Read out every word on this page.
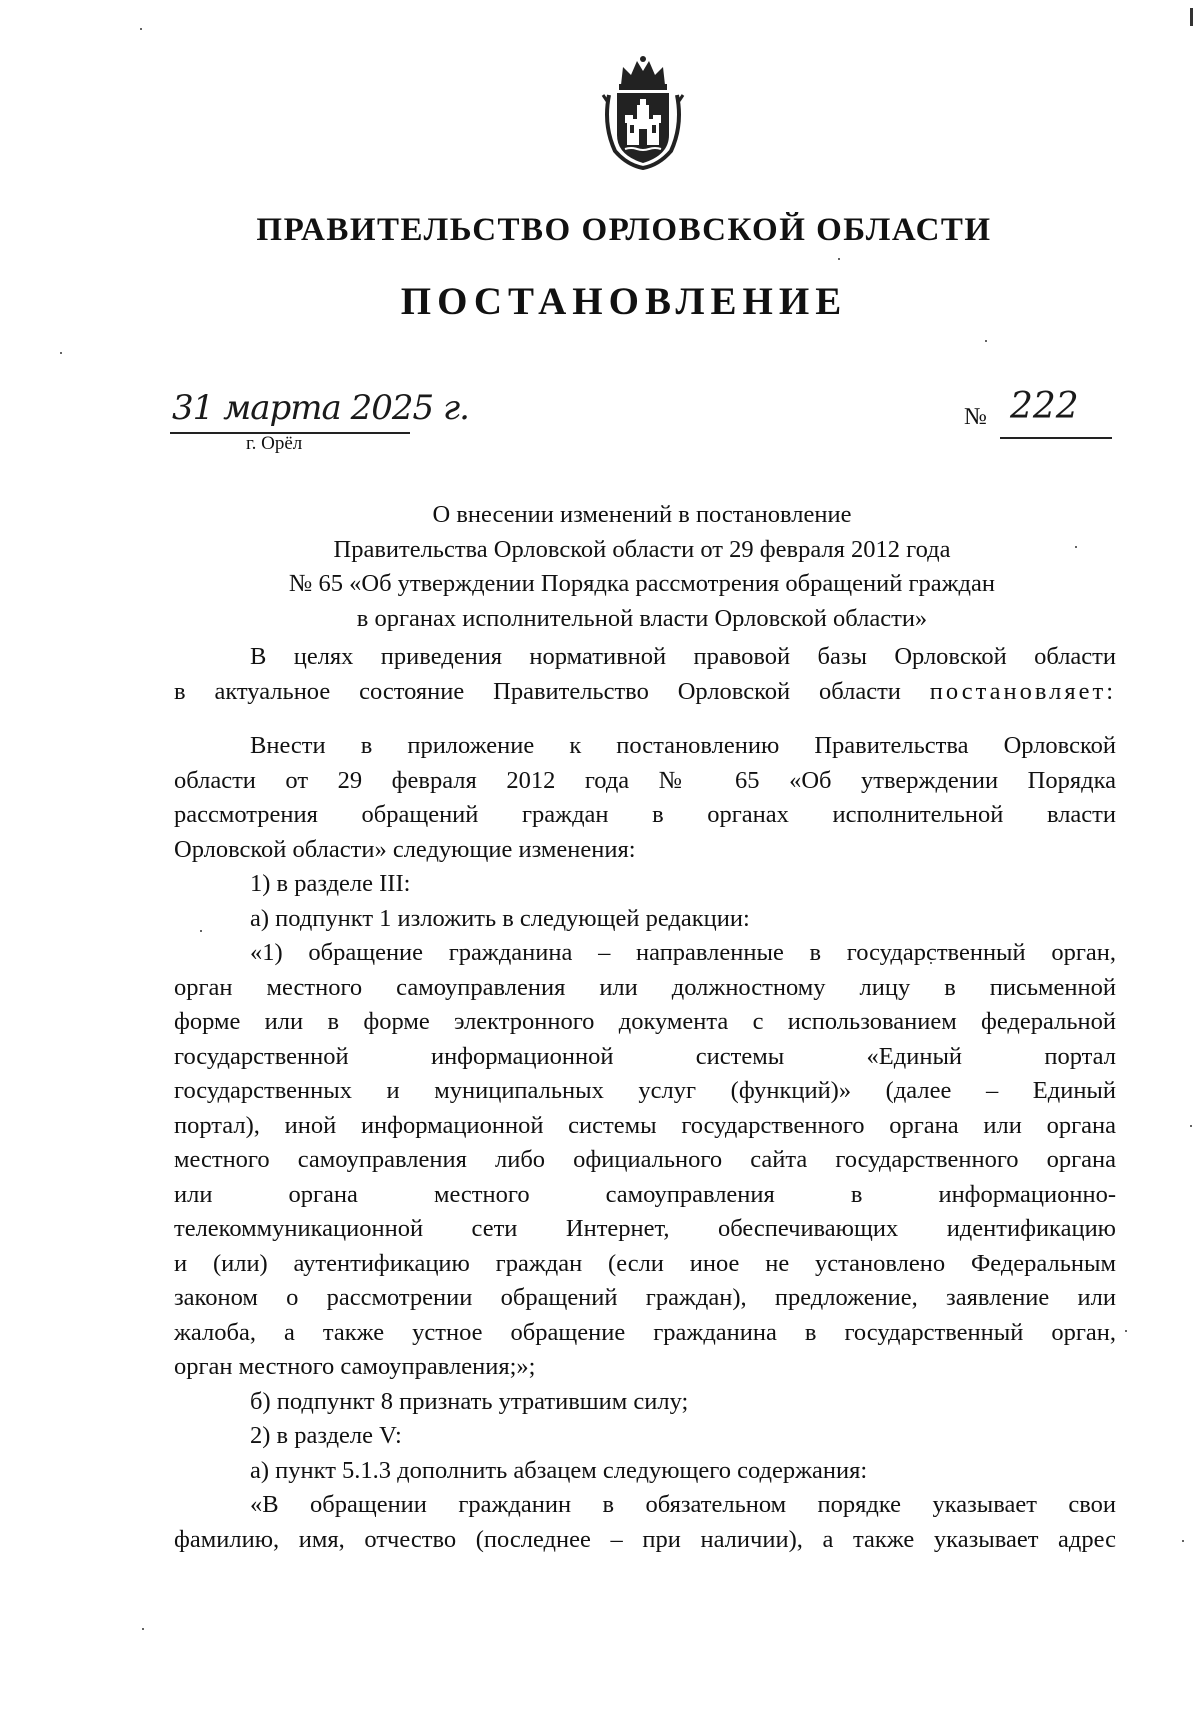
ПРАВИТЕЛЬСТВО ОРЛОВСКОЙ ОБЛАСТИ
ПОСТАНОВЛЕНИЕ
31 марта 2025 г.
г. Орёл
№ 222
О внесении изменений в постановление
Правительства Орловской области от 29 февраля 2012 года
№ 65 «Об утверждении Порядка рассмотрения обращений граждан
в органах исполнительной власти Орловской области»
В целях приведения нормативной правовой базы Орловской области
в актуальное состояние Правительство Орловской области постановляет:
Внести в приложение к постановлению Правительства Орловской
области от 29 февраля 2012 года № 65 «Об утверждении Порядка
рассмотрения обращений граждан в органах исполнительной власти
Орловской области» следующие изменения:
1) в разделе III:
а) подпункт 1 изложить в следующей редакции:
«1) обращение гражданина – направленные в государственный орган,
орган местного самоуправления или должностному лицу в письменной
форме или в форме электронного документа с использованием федеральной
государственной информационной системы «Единый портал
государственных и муниципальных услуг (функций)» (далее – Единый
портал), иной информационной системы государственного органа или органа
местного самоуправления либо официального сайта государственного органа
или органа местного самоуправления в информационно-
телекоммуникационной сети Интернет, обеспечивающих идентификацию
и (или) аутентификацию граждан (если иное не установлено Федеральным
законом о рассмотрении обращений граждан), предложение, заявление или
жалоба, а также устное обращение гражданина в государственный орган,
орган местного самоуправления;»;
б) подпункт 8 признать утратившим силу;
2) в разделе V:
а) пункт 5.1.3 дополнить абзацем следующего содержания:
«В обращении гражданин в обязательном порядке указывает свои
фамилию, имя, отчество (последнее – при наличии), а также указывает адрес
